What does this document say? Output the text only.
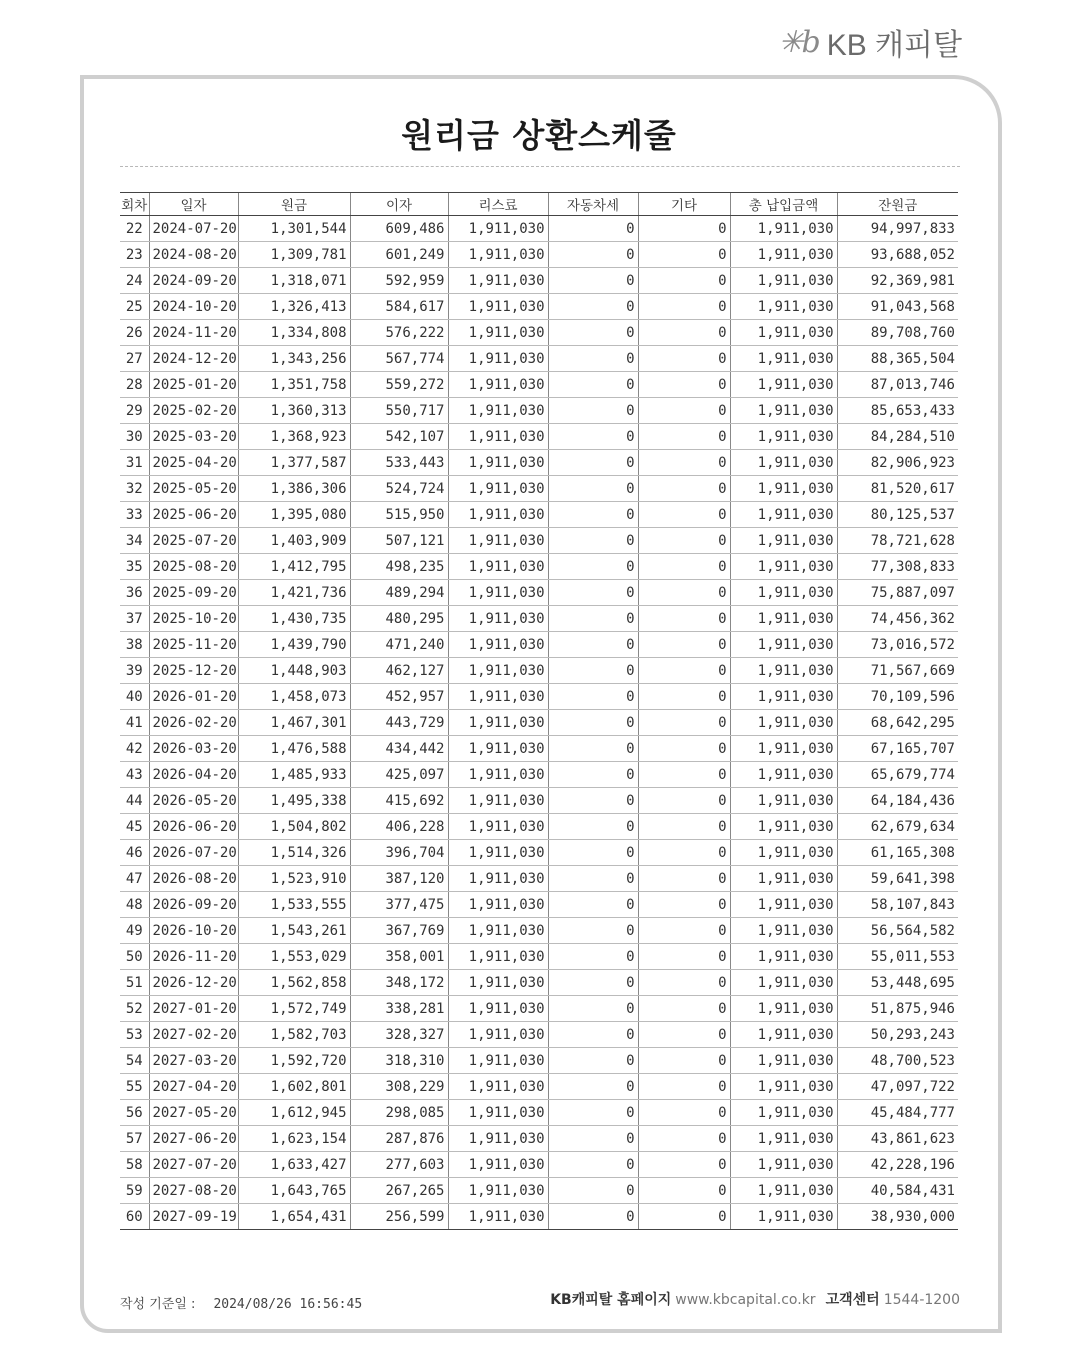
✳b KB 캐피탈
원리금 상환스케줄
회차	일자	원금	이자	리스료	자동차세	기타	총 납입금액	잔원금
22	2024-07-20	1,301,544	609,486	1,911,030	0	0	1,911,030	94,997,833
23	2024-08-20	1,309,781	601,249	1,911,030	0	0	1,911,030	93,688,052
24	2024-09-20	1,318,071	592,959	1,911,030	0	0	1,911,030	92,369,981
25	2024-10-20	1,326,413	584,617	1,911,030	0	0	1,911,030	91,043,568
26	2024-11-20	1,334,808	576,222	1,911,030	0	0	1,911,030	89,708,760
27	2024-12-20	1,343,256	567,774	1,911,030	0	0	1,911,030	88,365,504
28	2025-01-20	1,351,758	559,272	1,911,030	0	0	1,911,030	87,013,746
29	2025-02-20	1,360,313	550,717	1,911,030	0	0	1,911,030	85,653,433
30	2025-03-20	1,368,923	542,107	1,911,030	0	0	1,911,030	84,284,510
31	2025-04-20	1,377,587	533,443	1,911,030	0	0	1,911,030	82,906,923
32	2025-05-20	1,386,306	524,724	1,911,030	0	0	1,911,030	81,520,617
33	2025-06-20	1,395,080	515,950	1,911,030	0	0	1,911,030	80,125,537
34	2025-07-20	1,403,909	507,121	1,911,030	0	0	1,911,030	78,721,628
35	2025-08-20	1,412,795	498,235	1,911,030	0	0	1,911,030	77,308,833
36	2025-09-20	1,421,736	489,294	1,911,030	0	0	1,911,030	75,887,097
37	2025-10-20	1,430,735	480,295	1,911,030	0	0	1,911,030	74,456,362
38	2025-11-20	1,439,790	471,240	1,911,030	0	0	1,911,030	73,016,572
39	2025-12-20	1,448,903	462,127	1,911,030	0	0	1,911,030	71,567,669
40	2026-01-20	1,458,073	452,957	1,911,030	0	0	1,911,030	70,109,596
41	2026-02-20	1,467,301	443,729	1,911,030	0	0	1,911,030	68,642,295
42	2026-03-20	1,476,588	434,442	1,911,030	0	0	1,911,030	67,165,707
43	2026-04-20	1,485,933	425,097	1,911,030	0	0	1,911,030	65,679,774
44	2026-05-20	1,495,338	415,692	1,911,030	0	0	1,911,030	64,184,436
45	2026-06-20	1,504,802	406,228	1,911,030	0	0	1,911,030	62,679,634
46	2026-07-20	1,514,326	396,704	1,911,030	0	0	1,911,030	61,165,308
47	2026-08-20	1,523,910	387,120	1,911,030	0	0	1,911,030	59,641,398
48	2026-09-20	1,533,555	377,475	1,911,030	0	0	1,911,030	58,107,843
49	2026-10-20	1,543,261	367,769	1,911,030	0	0	1,911,030	56,564,582
50	2026-11-20	1,553,029	358,001	1,911,030	0	0	1,911,030	55,011,553
51	2026-12-20	1,562,858	348,172	1,911,030	0	0	1,911,030	53,448,695
52	2027-01-20	1,572,749	338,281	1,911,030	0	0	1,911,030	51,875,946
53	2027-02-20	1,582,703	328,327	1,911,030	0	0	1,911,030	50,293,243
54	2027-03-20	1,592,720	318,310	1,911,030	0	0	1,911,030	48,700,523
55	2027-04-20	1,602,801	308,229	1,911,030	0	0	1,911,030	47,097,722
56	2027-05-20	1,612,945	298,085	1,911,030	0	0	1,911,030	45,484,777
57	2027-06-20	1,623,154	287,876	1,911,030	0	0	1,911,030	43,861,623
58	2027-07-20	1,633,427	277,603	1,911,030	0	0	1,911,030	42,228,196
59	2027-08-20	1,643,765	267,265	1,911,030	0	0	1,911,030	40,584,431
60	2027-09-19	1,654,431	256,599	1,911,030	0	0	1,911,030	38,930,000
작성 기준일 : 2024/08/26 16:56:45	KB캐피탈 홈페이지 www.kbcapital.co.kr 고객센터 1544-1200
